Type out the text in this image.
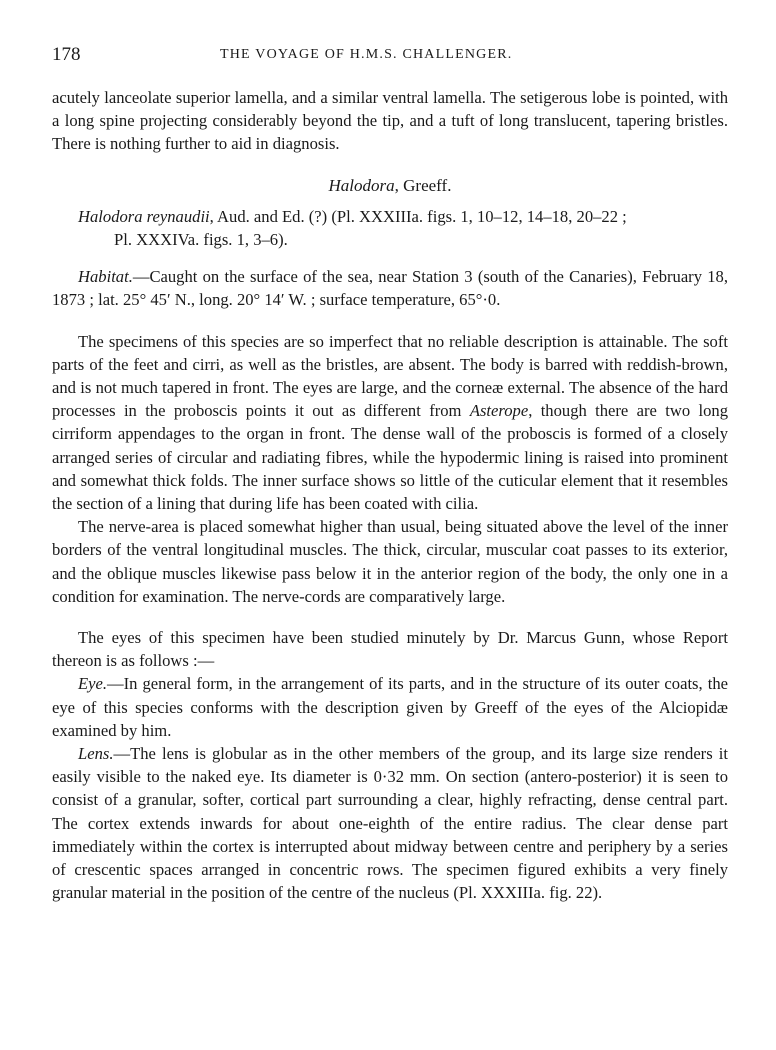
178	THE VOYAGE OF H.M.S. CHALLENGER.

acutely lanceolate superior lamella, and a similar ventral lamella. The setigerous lobe is pointed, with a long spine projecting considerably beyond the tip, and a tuft of long translucent, tapering bristles. There is nothing further to aid in diagnosis.

Halodora, Greeff.

Halodora reynaudii, Aud. and Ed. (?) (Pl. XXXIIIa. figs. 1, 10–12, 14–18, 20–22 ;
Pl. XXXIVa. figs. 1, 3–6).

Habitat.—Caught on the surface of the sea, near Station 3 (south of the Canaries), February 18, 1873 ; lat. 25° 45′ N., long. 20° 14′ W. ; surface temperature, 65°·0.

The specimens of this species are so imperfect that no reliable description is attainable. The soft parts of the feet and cirri, as well as the bristles, are absent. The body is barred with reddish-brown, and is not much tapered in front. The eyes are large, and the corneæ external. The absence of the hard processes in the proboscis points it out as different from Asterope, though there are two long cirriform appendages to the organ in front. The dense wall of the proboscis is formed of a closely arranged series of circular and radiating fibres, while the hypodermic lining is raised into prominent and somewhat thick folds. The inner surface shows so little of the cuticular element that it resembles the section of a lining that during life has been coated with cilia.

The nerve-area is placed somewhat higher than usual, being situated above the level of the inner borders of the ventral longitudinal muscles. The thick, circular, muscular coat passes to its exterior, and the oblique muscles likewise pass below it in the anterior region of the body, the only one in a condition for examination. The nerve-cords are comparatively large.

The eyes of this specimen have been studied minutely by Dr. Marcus Gunn, whose Report thereon is as follows :—

Eye.—In general form, in the arrangement of its parts, and in the structure of its outer coats, the eye of this species conforms with the description given by Greeff of the eyes of the Alciopidæ examined by him.

Lens.—The lens is globular as in the other members of the group, and its large size renders it easily visible to the naked eye. Its diameter is 0·32 mm. On section (antero-posterior) it is seen to consist of a granular, softer, cortical part surrounding a clear, highly refracting, dense central part. The cortex extends inwards for about one-eighth of the entire radius. The clear dense part immediately within the cortex is interrupted about midway between centre and periphery by a series of crescentic spaces arranged in concentric rows. The specimen figured exhibits a very finely granular material in the position of the centre of the nucleus (Pl. XXXIIIa. fig. 22).
